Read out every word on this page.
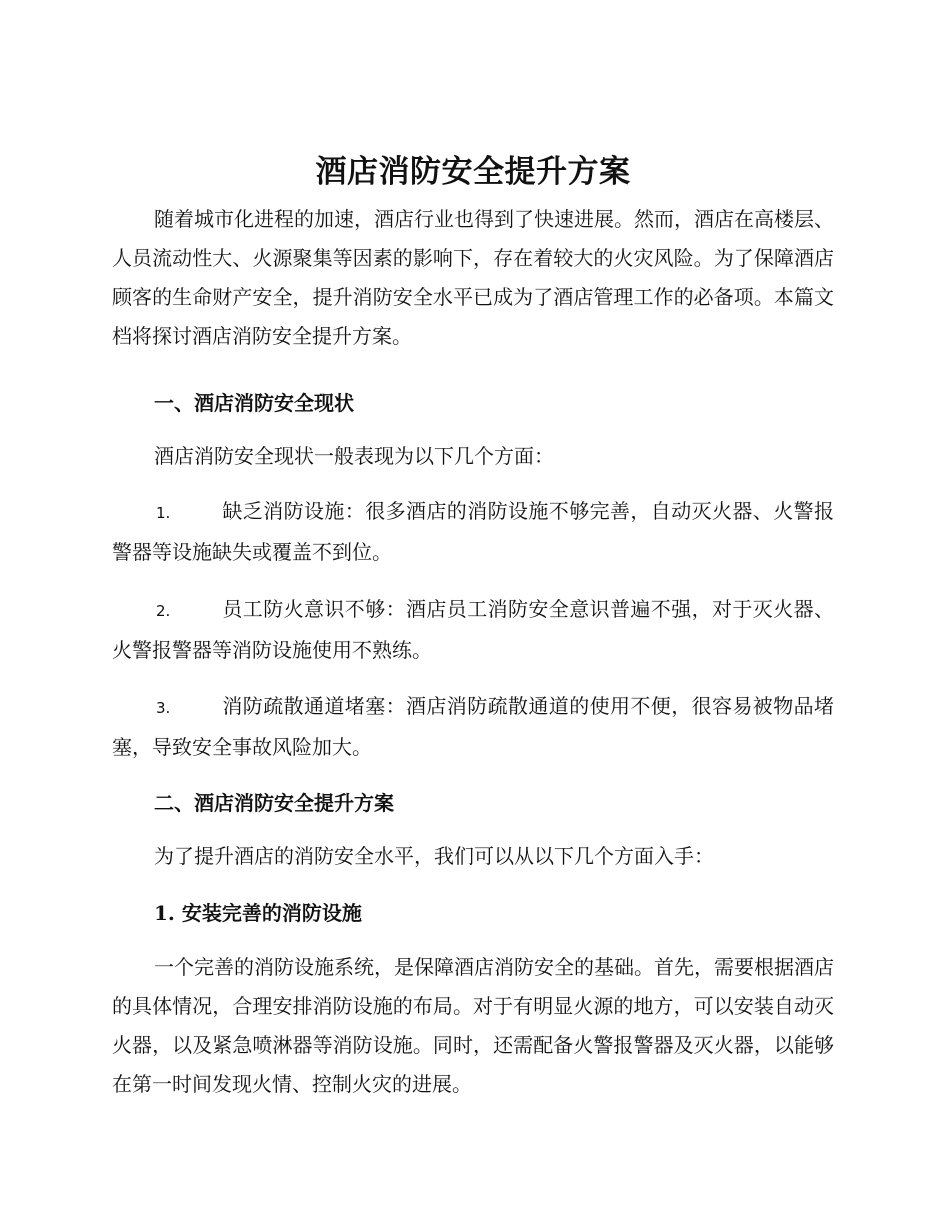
酒店消防安全提升方案

随着城市化进程的加速，酒店行业也得到了快速进展。然而，酒店在高楼层、人员流动性大、火源聚集等因素的影响下，存在着较大的火灾风险。为了保障酒店顾客的生命财产安全，提升消防安全水平已成为了酒店管理工作的必备项。本篇文档将探讨酒店消防安全提升方案。

一、酒店消防安全现状

酒店消防安全现状一般表现为以下几个方面：

1.	缺乏消防设施：很多酒店的消防设施不够完善，自动灭火器、火警报警器等设施缺失或覆盖不到位。

2.	员工防火意识不够：酒店员工消防安全意识普遍不强，对于灭火器、火警报警器等消防设施使用不熟练。

3.	消防疏散通道堵塞：酒店消防疏散通道的使用不便，很容易被物品堵塞，导致安全事故风险加大。

二、酒店消防安全提升方案

为了提升酒店的消防安全水平，我们可以从以下几个方面入手：

1. 安装完善的消防设施

一个完善的消防设施系统，是保障酒店消防安全的基础。首先，需要根据酒店的具体情况，合理安排消防设施的布局。对于有明显火源的地方，可以安装自动灭火器，以及紧急喷淋器等消防设施。同时，还需配备火警报警器及灭火器，以能够在第一时间发现火情、控制火灾的进展。
